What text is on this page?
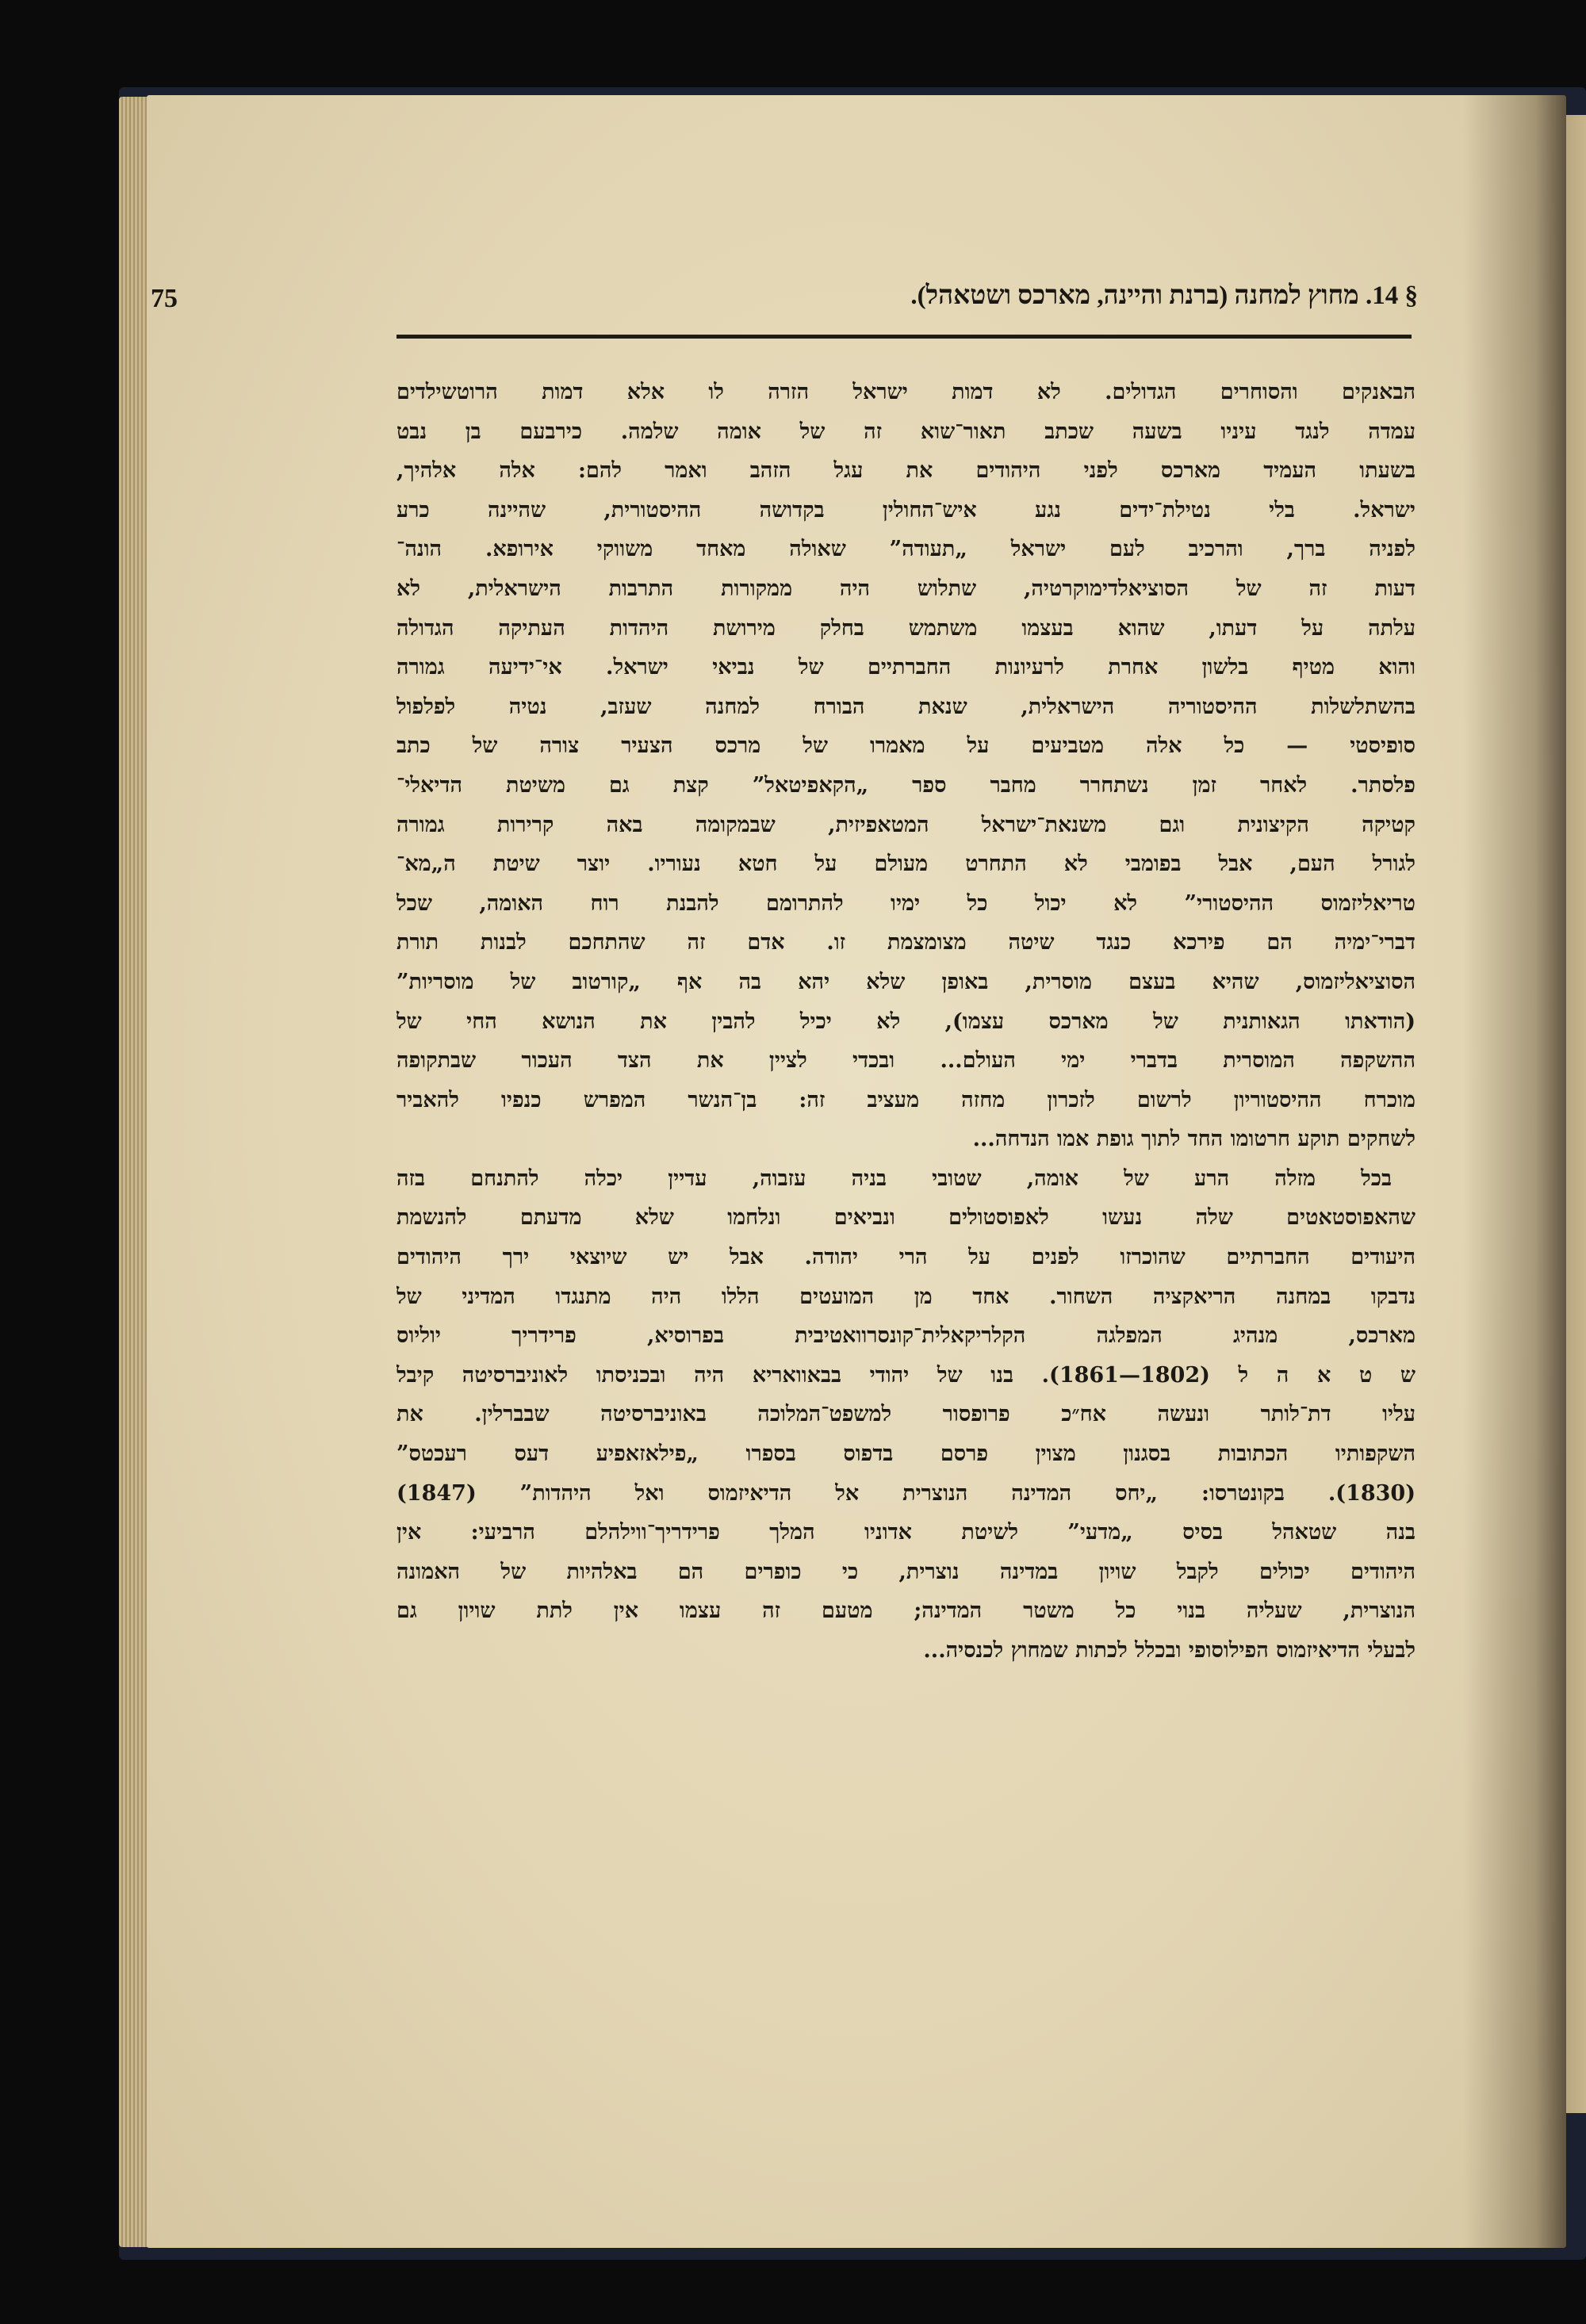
§ 14. מחוץ למחנה (ברנת והיינה, מארכס ושטאהל).
75
הבאנקים והסוחרים הגדולים. לא דמות ישראל הזרה לו אלא דמות הרוטשילדים
עמדה לנגד עיניו בשעה שכתב תאור־שוא זה של אומה שלמה. כירבעם בן נבט
בשעתו העמיד מארכס לפני היהודים את עגל הזהב ואמר להם: אלה אלהיך,
ישראל. בלי נטילת־ידים נגע איש־החולין בקדושה ההיסטורית, שהיינה כרע
לפניה ברך, והרכיב לעם ישראל „תעודה” שאולה מאחד משווקי אירופא. הונה־
דעות זה של הסוציאלדימוקרטיה, שתלוש היה ממקורות התרבות הישראלית, לא
עלתה על דעתו, שהוא בעצמו משתמש בחלק מירושת היהדות העתיקה הגדולה
והוא מטיף בלשון אחרת לרעיונות החברתיים של נביאי ישראל. אי־ידיעה גמורה
בהשתלשלות ההיסטוריה הישראלית, שנאת הבורח למחנה שעזב, נטיה לפלפול
סופיסטי — כל אלה מטביעים על מאמרו של מרכס הצעיר צורה של כתב
פלסתר. לאחר זמן נשתחרר מחבר ספר „הקאפיטאל” קצת גם משיטת הדיאלי־
קטיקה הקיצונית וגם משנאת־ישראל המטאפיזית, שבמקומה באה קרירות גמורה
לגורל העם, אבל בפומבי לא התחרט מעולם על חטא נעוריו. יוצר שיטת ה„מא־
טריאליזמוס ההיסטורי” לא יכול כל ימיו להתרומם להבנת רוח האומה, שכל
דברי־ימיה הם פירכא כנגד שיטה מצומצמת זו. אדם זה שהתחכם לבנות תורת
הסוציאליזמוס, שהיא בעצם מוסרית, באופן שלא יהא בה אף „קורטוב של מוסריות”
(הודאתו הגאותנית של מארכס עצמו), לא יכיל להבין את הנושא החי של
ההשקפה המוסרית בדברי ימי העולם... ובכדי לציין את הצד העכור שבתקופה
מוכרח ההיסטוריון לרשום לזכרון מחזה מעציב זה: בן־הנשר המפרש כנפיו להאביר
לשחקים תוקע חרטומו החד לתוך גופת אמו הנדחה...
בכל מזלה הרע של אומה, שטובי בניה עזבוה, עדיין יכלה להתנחם בזה
שהאפוסטאטים שלה נעשו לאפוסטולים ונביאים ונלחמו שלא מדעתם להנשמת
היעודים החברתיים שהוכרזו לפנים על הרי יהודה. אבל יש שיוצאי ירך היהודים
נדבקו במחנה הריאקציה השחור. אחד מן המועטים הללו היה מתנגדו המדיני של
מארכס, מנהיג המפלגה הקלריקאלית־קונסרוואטיבית בפרוסיא, פרידריך יוליוס
ש ט א ה ל (1802—1861). בנו של יהודי בבאוואריא היה ובכניסתו לאוניברסיטה קיבל
עליו דת־לותר ונעשה אח״כ פרופסור למשפט־המלוכה באוניברסיטה שבברלין. את
השקפותיו הכתובות בסגנון מצוין פרסם בדפוס בספרו „פילאזאפיע דעס רעכטס”
(1830). בקונטרסו: „יחס המדינה הנוצרית אל הדיאיזמוס ואל היהדות” (1847)
בנה שטאהל בסיס „מדעי” לשיטת אדוניו המלך פרידריך־ווילהלם הרביעי: אין
היהודים יכולים לקבל שויון במדינה נוצרית, כי כופרים הם באלהיות של האמונה
הנוצרית, שעליה בנוי כל משטר המדינה; מטעם זה עצמו אין לתת שויון גם
לבעלי הדיאיזמוס הפילוסופי ובכלל לכתות שמחוץ לכנסיה...
